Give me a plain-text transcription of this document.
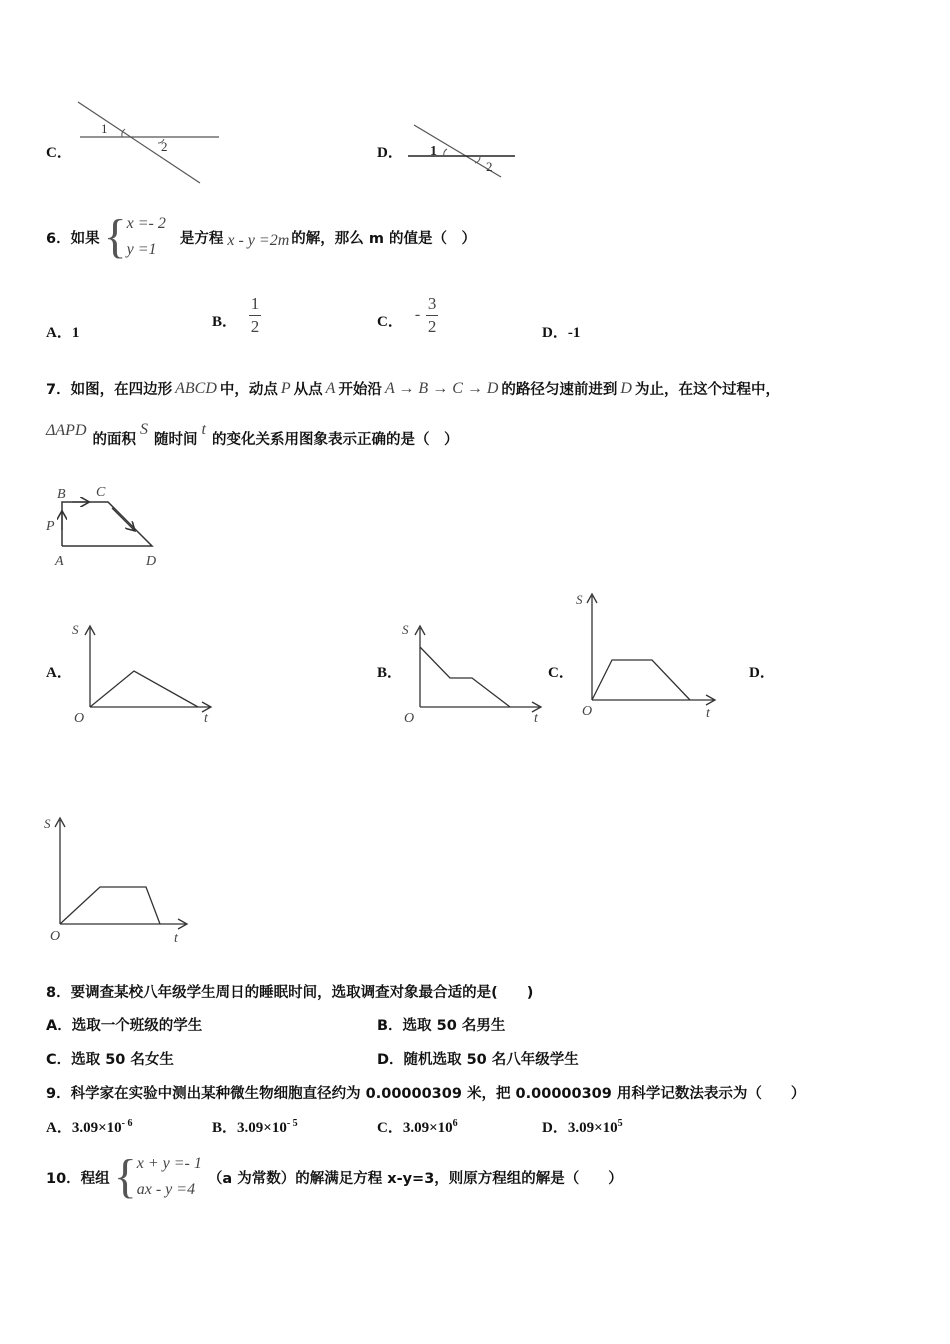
C．
1
2	D． 1
2
6． 如果 { x =- 2
y =1
是方程 x - y =2m 的解，那么 m 的值是（　）
A．1
B． $\frac{1}{2}$	C． - $\frac{3}{2}$	D．-1
7． 如图，在四边形 ABCD 中，动点 P 从点 A 开始沿 A → B → C → D 的路径匀速前进到 D 为止，在这个过程中，
ΔAPD
的面积
S
随时间
t
的变化关系用图象表示正确的是（　）
B C
P
A	D
A．	B．	C．	D．
S
O	t
S
O	t
S
O	t
S
O	t
8．要调查某校八年级学生周日的睡眠时间，选取调查对象最合适的是(　　)
A．选取一个班级的学生	B．选取 50 名男生
C．选取 50 名女生	D．随机选取 50 名八年级学生
9．科学家在实验中测出某种微生物细胞直径约为 0.00000309 米，把 0.00000309 用科学记数法表示为（　　）
A．$3.09\times 10^{- 6}$	B．$3.09\times 10^{- 5}$	C．$3.09\times 10^6$	D．$3.09\times 10^5$
10．程组 { x + y =- 1
ax - y =4
（a 为常数）的解满足方程 x-y=3，则原方程组的解是（　　）
